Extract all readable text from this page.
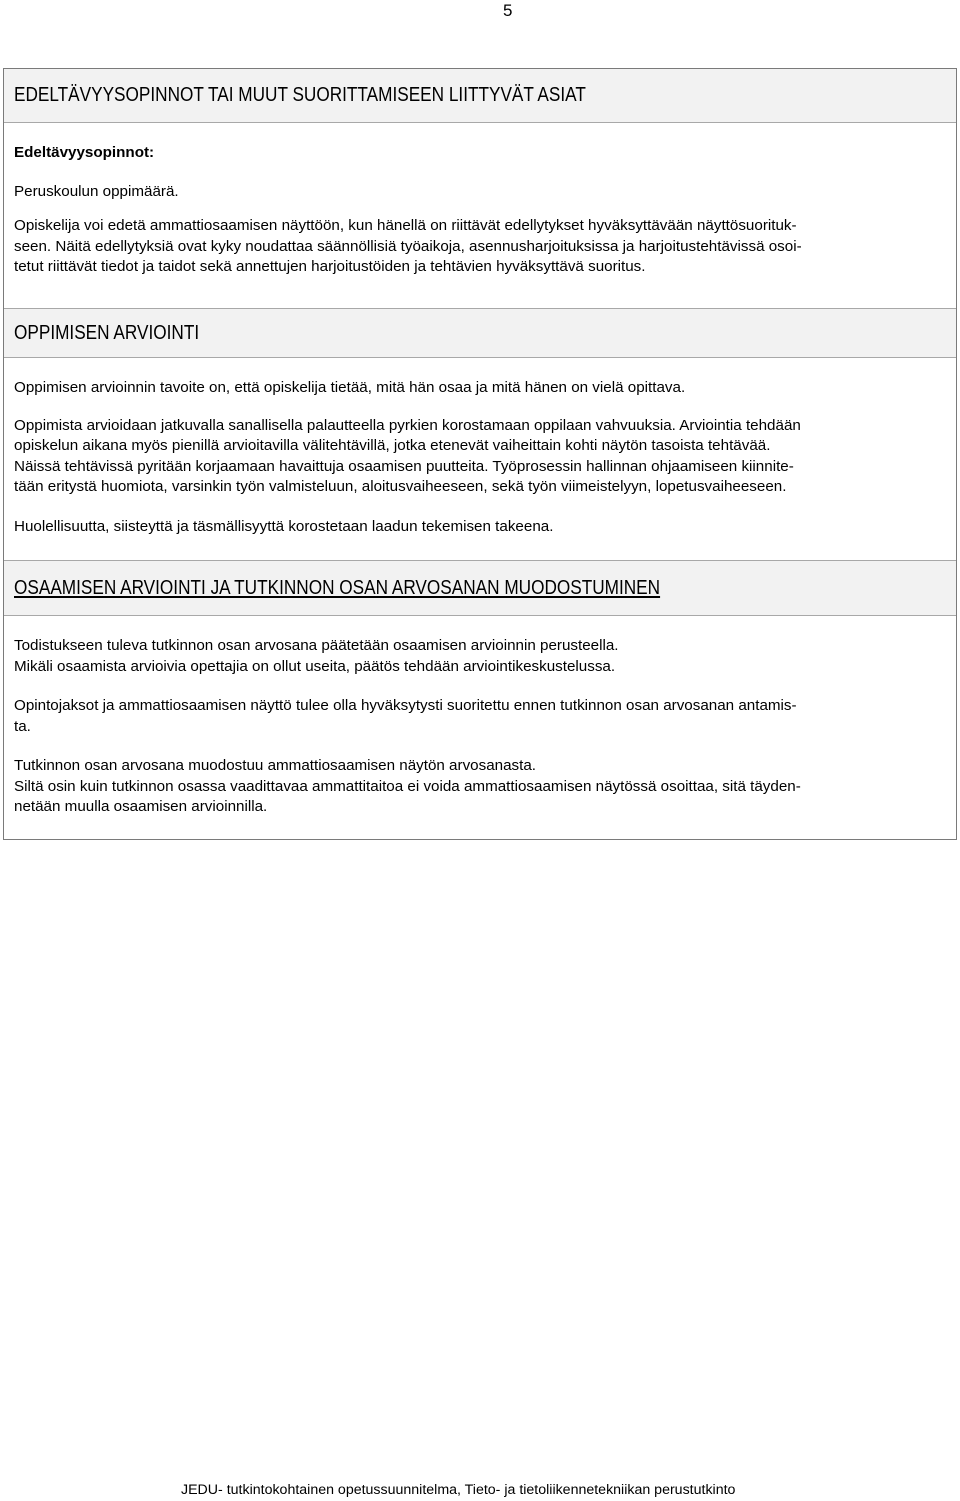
5
EDELTÄVYYSOPINNOT TAI MUUT SUORITTAMISEEN LIITTYVÄT ASIAT

Edeltävyysopinnot:

Peruskoulun oppimäärä.

Opiskelija voi edetä ammattiosaamisen näyttöön, kun hänellä on riittävät edellytykset hyväksyttävään näyttösuorituk-

seen. Näitä edellytyksiä ovat kyky noudattaa säännöllisiä työaikoja, asennusharjoituksissa ja harjoitustehtävissä osoi-

tetut riittävät tiedot ja taidot sekä annettujen harjoitustöiden ja tehtävien hyväksyttävä suoritus.

OPPIMISEN ARVIOINTI

Oppimisen arvioinnin tavoite on, että opiskelija tietää, mitä hän osaa ja mitä hänen on vielä opittava.

Oppimista arvioidaan jatkuvalla sanallisella palautteella pyrkien korostamaan oppilaan vahvuuksia. Arviointia tehdään

opiskelun aikana myös pienillä arvioitavilla välitehtävillä, jotka etenevät vaiheittain kohti näytön tasoista tehtävää.

Näissä tehtävissä pyritään korjaamaan havaittuja osaamisen puutteita. Työprosessin hallinnan ohjaamiseen kiinnite-

tään eritystä huomiota, varsinkin työn valmisteluun, aloitusvaiheeseen, sekä työn viimeistelyyn, lopetusvaiheeseen.

Huolellisuutta, siisteyttä ja täsmällisyyttä korostetaan laadun tekemisen takeena.

OSAAMISEN ARVIOINTI JA TUTKINNON OSAN ARVOSANAN MUODOSTUMINEN

Todistukseen tuleva tutkinnon osan arvosana päätetään osaamisen arvioinnin perusteella.

Mikäli osaamista arvioivia opettajia on ollut useita, päätös tehdään arviointikeskustelussa.

Opintojaksot ja ammattiosaamisen näyttö tulee olla hyväksytysti suoritettu ennen tutkinnon osan arvosanan antamis-

ta.

Tutkinnon osan arvosana muodostuu ammattiosaamisen näytön arvosanasta.

Siltä osin kuin tutkinnon osassa vaadittavaa ammattitaitoa ei voida ammattiosaamisen näytössä osoittaa, sitä täyden-

netään muulla osaamisen arvioinnilla.

JEDU- tutkintokohtainen opetussuunnitelma, Tieto- ja tietoliikennetekniikan perustutkinto
